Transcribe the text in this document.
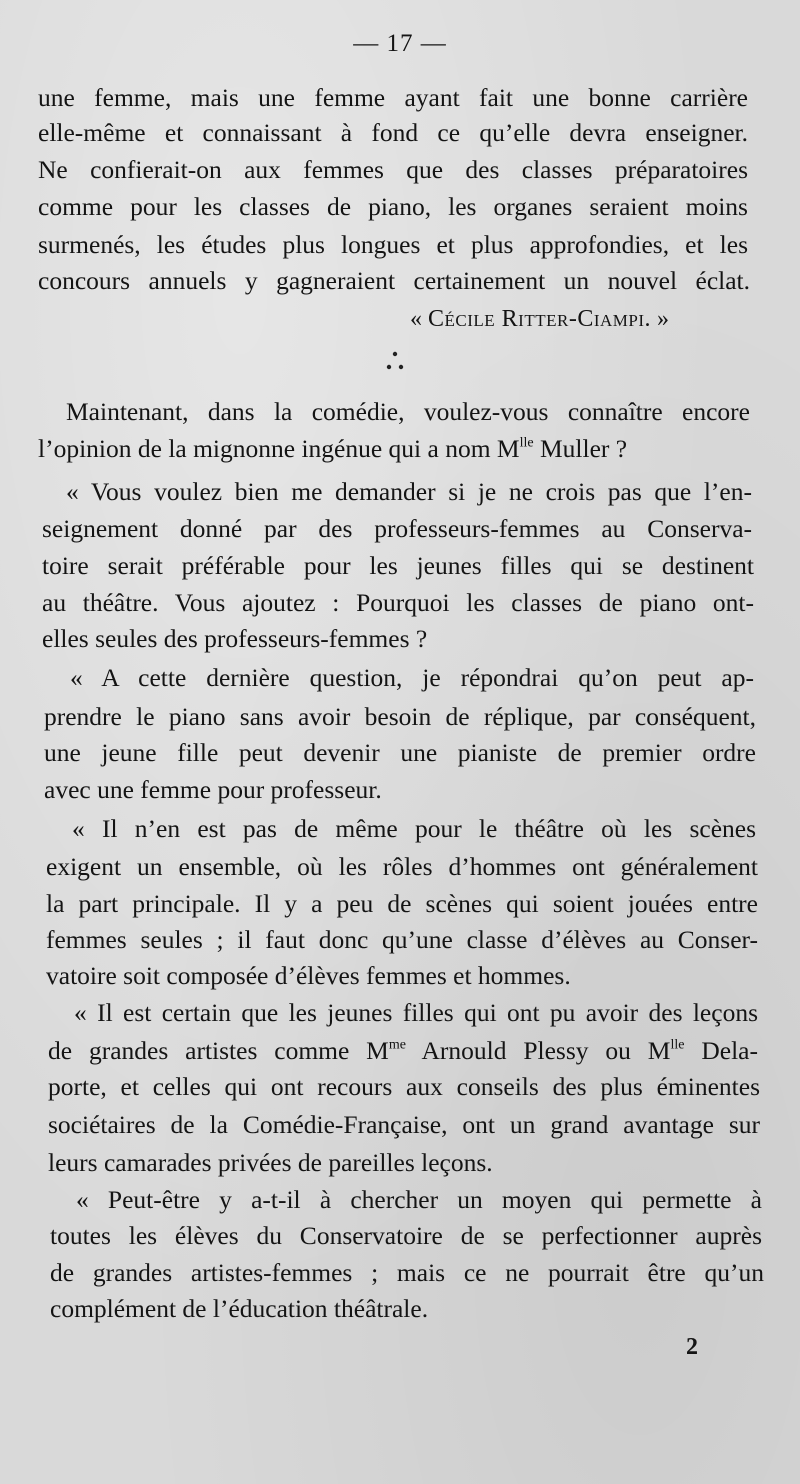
— 17 —
une femme, mais une femme ayant fait une bonne carrière
elle-même et connaissant à fond ce qu’elle devra enseigner.
Ne confierait-on aux femmes que des classes préparatoires
comme pour les classes de piano, les organes seraient moins
surmenés, les études plus longues et plus approfondies, et les
concours annuels y gagneraient certainement un nouvel éclat.
« Cécile Ritter-Ciampi. »
Maintenant, dans la comédie, voulez-vous connaître encore
l’opinion de la mignonne ingénue qui a nom $M^{lle}$ Muller ?
« Vous voulez bien me demander si je ne crois pas que l’en-
seignement donné par des professeurs-femmes au Conserva-
toire serait préférable pour les jeunes filles qui se destinent
au théâtre. Vous ajoutez : Pourquoi les classes de piano ont-
elles seules des professeurs-femmes ?
« A cette dernière question, je répondrai qu’on peut ap-
prendre le piano sans avoir besoin de réplique, par conséquent,
une jeune fille peut devenir une pianiste de premier ordre
avec une femme pour professeur.
« Il n’en est pas de même pour le théâtre où les scènes
exigent un ensemble, où les rôles d’hommes ont généralement
la part principale. Il y a peu de scènes qui soient jouées entre
femmes seules ; il faut donc qu’une classe d’élèves au Conser-
vatoire soit composée d’élèves femmes et hommes.
« Il est certain que les jeunes filles qui ont pu avoir des leçons
de grandes artistes comme $M^{me}$ Arnould Plessy ou $M^{lle}$ Dela-
porte, et celles qui ont recours aux conseils des plus éminentes
sociétaires de la Comédie-Française, ont un grand avantage sur
leurs camarades privées de pareilles leçons.
« Peut-être y a-t-il à chercher un moyen qui permette à
toutes les élèves du Conservatoire de se perfectionner auprès
de grandes artistes-femmes ; mais ce ne pourrait être qu’un
complément de l’éducation théâtrale.
2
